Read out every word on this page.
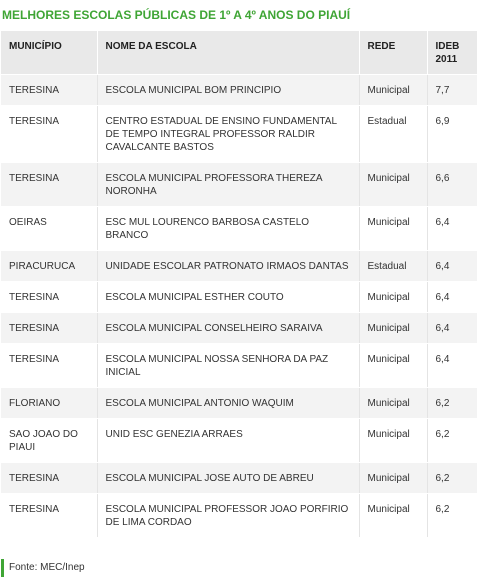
MELHORES ESCOLAS PÚBLICAS DE 1º A 4º ANOS DO PIAUÍ
MUNICÍPIO	NOME DA ESCOLA	REDE	IDEB 2011
TERESINA	ESCOLA MUNICIPAL BOM PRINCIPIO	Municipal	7,7
TERESINA	CENTRO ESTADUAL DE ENSINO FUNDAMENTAL DE TEMPO INTEGRAL PROFESSOR RALDIR CAVALCANTE BASTOS	Estadual	6,9
TERESINA	ESCOLA MUNICIPAL PROFESSORA THEREZA NORONHA	Municipal	6,6
OEIRAS	ESC MUL LOURENCO BARBOSA CASTELO BRANCO	Municipal	6,4
PIRACURUCA	UNIDADE ESCOLAR PATRONATO IRMAOS DANTAS	Estadual	6,4
TERESINA	ESCOLA MUNICIPAL ESTHER COUTO	Municipal	6,4
TERESINA	ESCOLA MUNICIPAL CONSELHEIRO SARAIVA	Municipal	6,4
TERESINA	ESCOLA MUNICIPAL NOSSA SENHORA DA PAZ INICIAL	Municipal	6,4
FLORIANO	ESCOLA MUNICIPAL ANTONIO WAQUIM	Municipal	6,2
SAO JOAO DO PIAUI	UNID ESC GENEZIA ARRAES	Municipal	6,2
TERESINA	ESCOLA MUNICIPAL JOSE AUTO DE ABREU	Municipal	6,2
TERESINA	ESCOLA MUNICIPAL PROFESSOR JOAO PORFIRIO DE LIMA CORDAO	Municipal	6,2
Fonte: MEC/Inep
